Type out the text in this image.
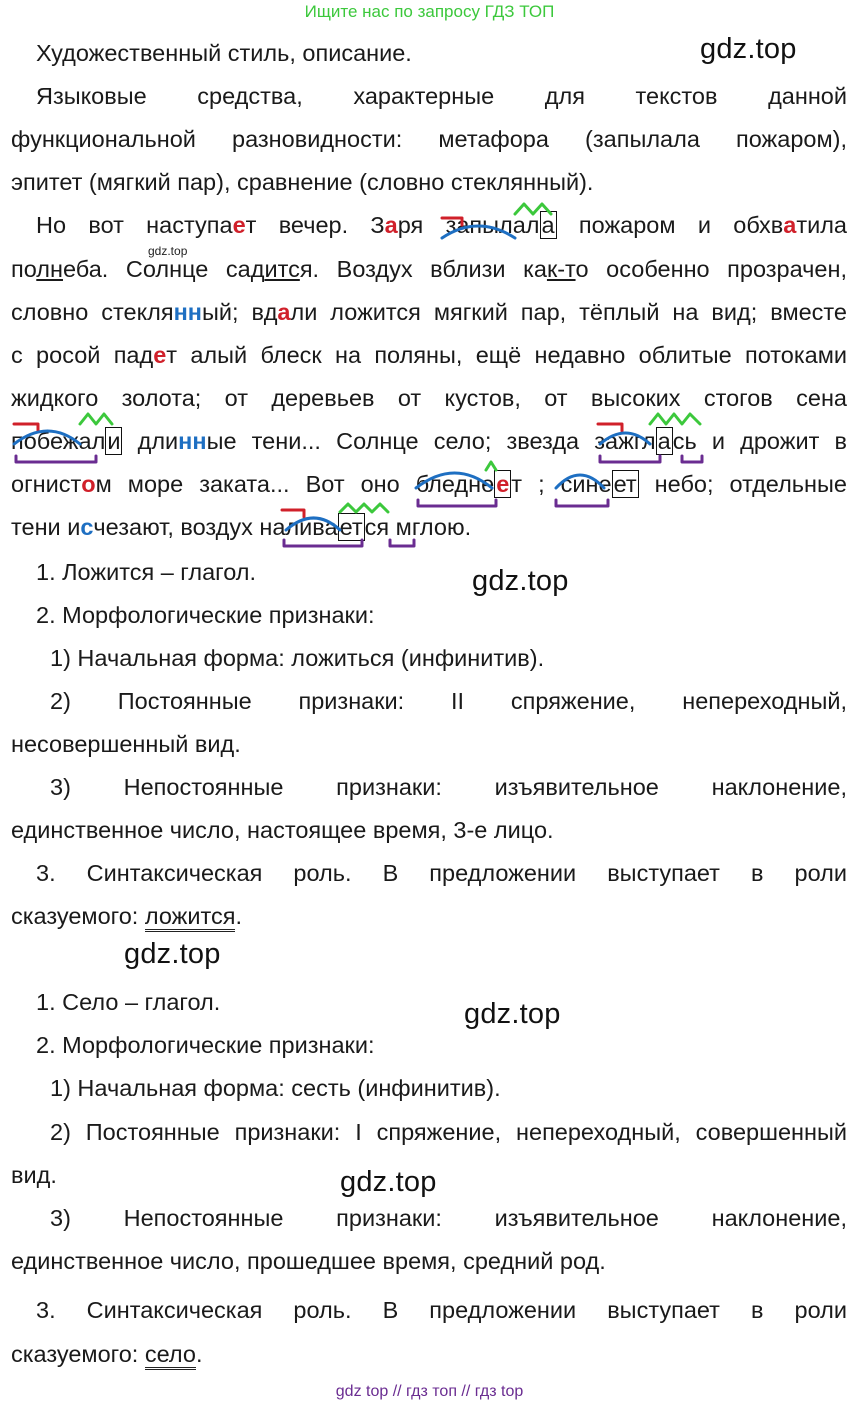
Ищите нас по запросу ГДЗ ТОП
gdz.top
gdz.top
gdz.top
gdz.top
gdz.top
gdz.top
Художественный стиль, описание.
Языковые средства, характерные для текстов данной
функциональной разновидности: метафора (запылала пожаром),
эпитет (мягкий пар), сравнение (словно стеклянный).
Но вот наступает вечер. Заря запылала пожаром и обхватила
полнеба. Солнце садится. Воздух вблизи как-то особенно прозрачен,
словно стеклянный; вдали ложится мягкий пар, тёплый на вид; вместе
с росой падет алый блеск на поляны, ещё недавно облитые потоками
жидкого золота; от деревьев от кустов, от высоких стогов сена
побежали длинные тени... Солнце село; звезда зажглась и дрожит в
огнистом море заката... Вот оно бледнеет ; синеет небо; отдельные
тени исчезают, воздух наливается мглою.
1. Ложится – глагол.
2. Морфологические признаки:
1) Начальная форма: ложиться (инфинитив).
2) Постоянные признаки: II спряжение, непереходный,
несовершенный вид.
3) Непостоянные признаки: изъявительное наклонение,
единственное число, настоящее время, 3-е лицо.
3. Синтаксическая роль. В предложении выступает в роли
сказуемого: ложится.
1. Село – глагол.
2. Морфологические признаки:
1) Начальная форма: сесть (инфинитив).
2) Постоянные признаки: I спряжение, непереходный, совершенный
вид.
3) Непостоянные признаки: изъявительное наклонение,
единственное число, прошедшее время, средний род.
3. Синтаксическая роль. В предложении выступает в роли
сказуемого: село.
gdz top // гдз топ // гдз top
